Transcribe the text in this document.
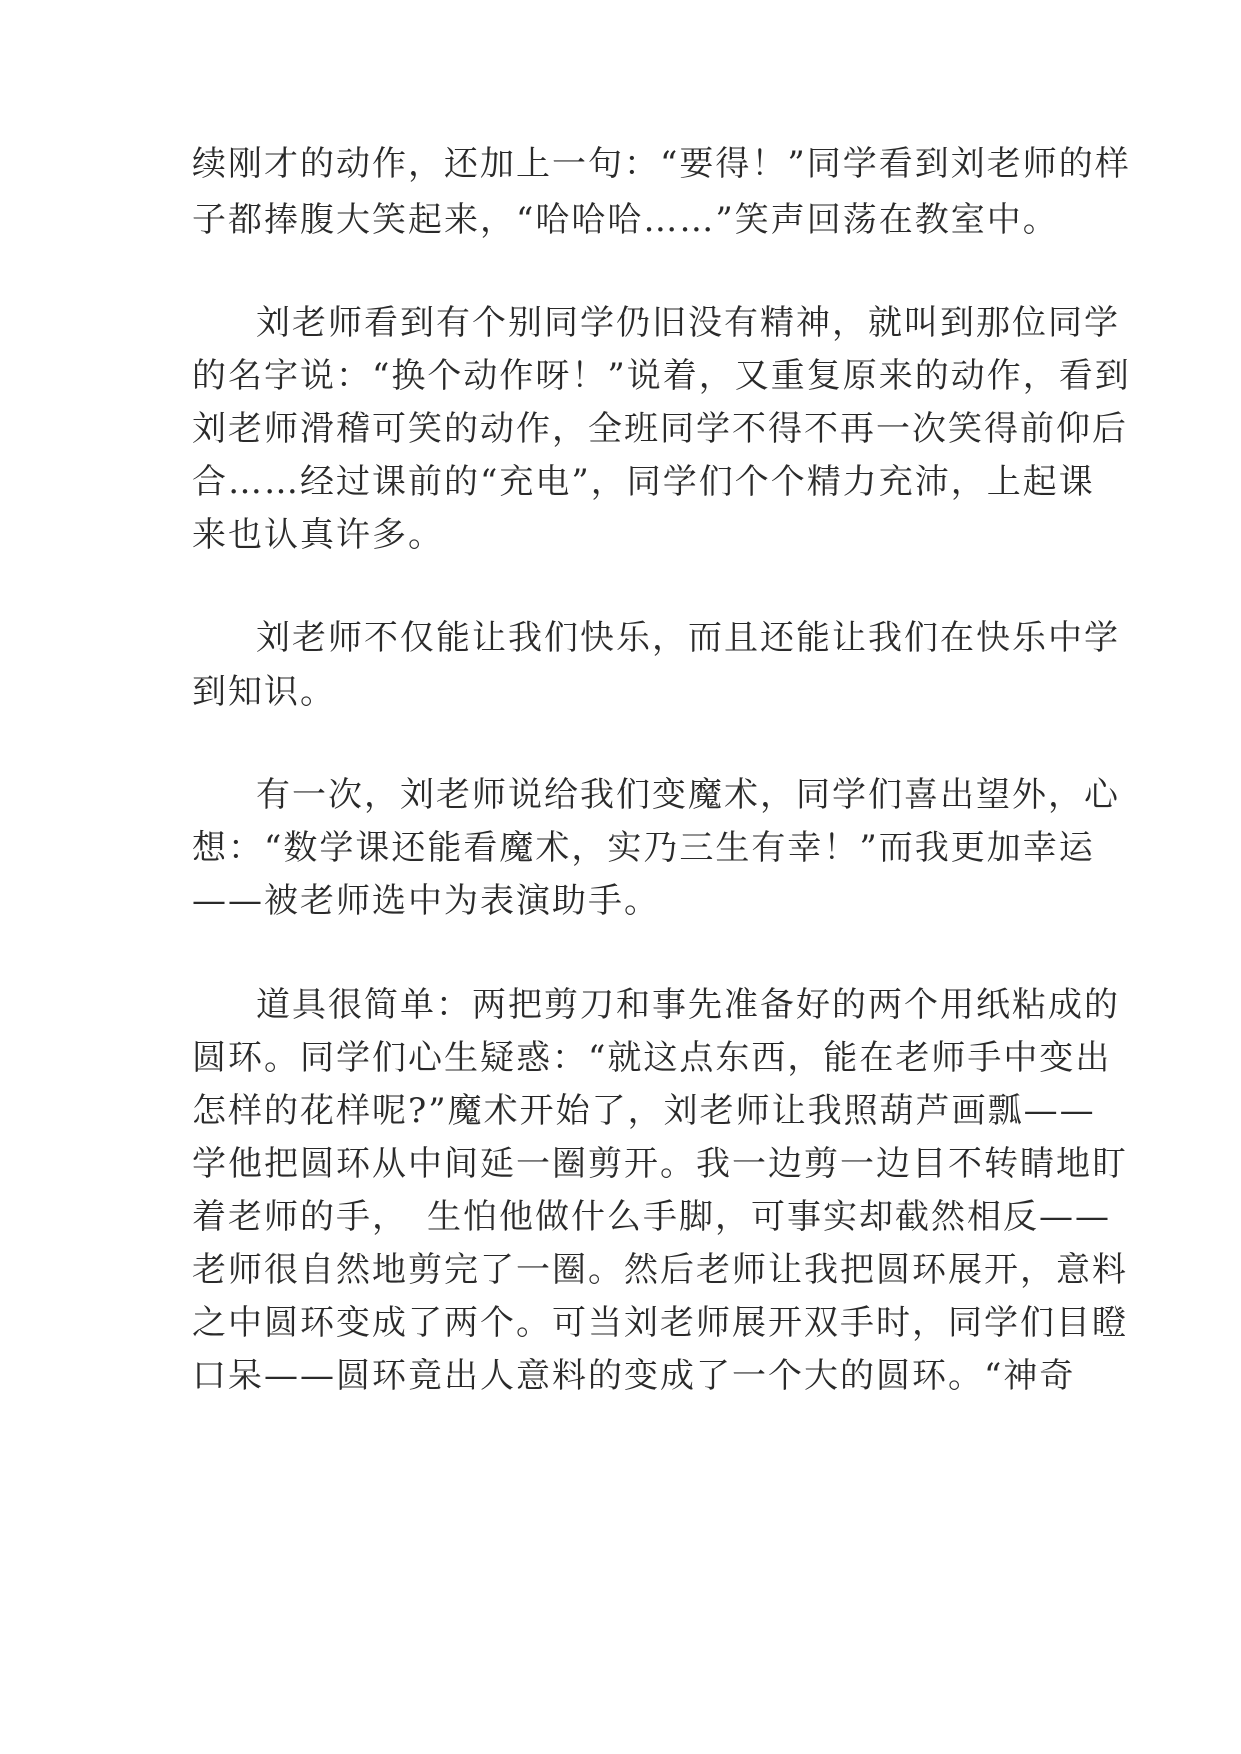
续刚才的动作，还加上一句：“要得！”同学看到刘老师的样
子都捧腹大笑起来，“哈哈哈……”笑声回荡在教室中。
刘老师看到有个别同学仍旧没有精神，就叫到那位同学
的名字说：“换个动作呀！”说着，又重复原来的动作，看到
刘老师滑稽可笑的动作，全班同学不得不再一次笑得前仰后
合……经过课前的“充电”，同学们个个精力充沛，上起课
来也认真许多。
刘老师不仅能让我们快乐，而且还能让我们在快乐中学
到知识。
有一次，刘老师说给我们变魔术，同学们喜出望外，心
想：“数学课还能看魔术，实乃三生有幸！”而我更加幸运
——被老师选中为表演助手。
道具很简单：两把剪刀和事先准备好的两个用纸粘成的
圆环。同学们心生疑惑：“就这点东西，能在老师手中变出
怎样的花样呢?”魔术开始了，刘老师让我照葫芦画瓢——
学他把圆环从中间延一圈剪开。我一边剪一边目不转睛地盯
着老师的手，　生怕他做什么手脚，可事实却截然相反——
老师很自然地剪完了一圈。然后老师让我把圆环展开，意料
之中圆环变成了两个。可当刘老师展开双手时，同学们目瞪
口呆——圆环竟出人意料的变成了一个大的圆环。“神奇
